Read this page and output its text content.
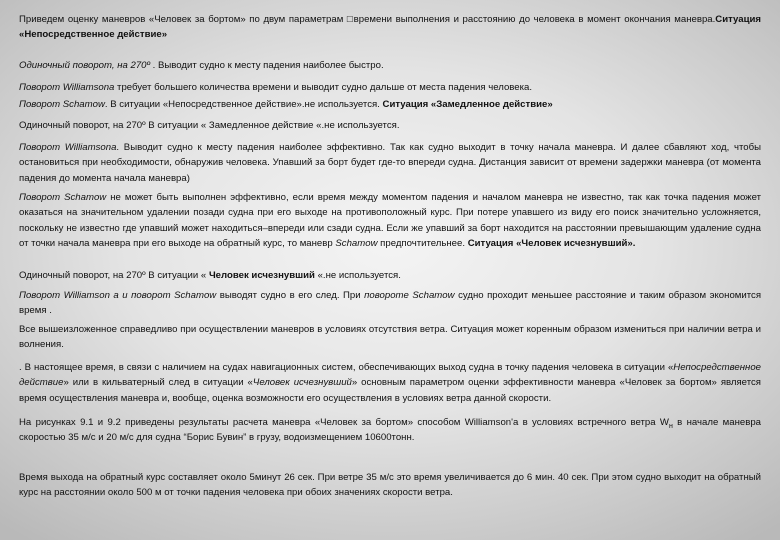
Приведем оценку маневров «Человек за бортом» по двум параметрам □времени выполнения и расстоянию до человека в момент окончания маневра.Ситуация «Непосредственное действие»

Одиночный поворот, на 270º . Выводит судно к месту падения наиболее быстро.

Поворот Williamsona требует большего количества времени и выводит судно дальше от места падения человека.

Поворот Schamow. В ситуации «Непосредственное действие».не используется. Ситуация «Замедленное действие»

Одиночный поворот, на 270º В ситуации « Замедленное действие «.не используется.

Поворот Williamsona. Выводит судно к месту падения наиболее эффективно. Так как судно выходит в точку начала маневра. И далее сбавляют ход, чтобы остановиться при необходимости, обнаружив человека. Упавший за борт будет где-то впереди судна. Дистанция зависит от времени задержки маневра (от момента падения до момента начала маневра)

Поворот Schamow не может быть выполнен эффективно, если время между моментом падения и началом маневра не известно, так как точка падения может оказаться на значительном удалении позади судна при его выходе на противоположный курс. При потере упавшего из виду его поиск значительно усложняется, поскольку не известно где упавший может находиться–впереди или сзади судна. Если же упавший за борт находится на расстоянии превышающим удаление судна от точки начала маневра при его выходе на обратный курс, то маневр Schamow предпочтительнее. Ситуация «Человек исчезнувший».

Одиночный поворот, на 270º В ситуации « Человек исчезнувший «.не используется.

Поворот Williamson а и поворот Schamow выводят судно в его след. При повороте Schamow судно проходит меньшее расстояние и таким образом экономится время .

Все вышеизложенное справедливо при осуществлении маневров в условиях отсутствия ветра. Ситуация может коренным образом измениться при наличии ветра и волнения.

. В настоящее время, в связи с наличием на судах навигационных систем, обеспечивающих выход судна в точку падения человека в ситуации «Непосредственное действие» или в кильватерный след в ситуации «Человек исчезнувший» основным параметром оценки эффективности маневра «Человек за бортом» является время осуществления маневра и, вообще, оценка возможности его осуществления в условиях ветра данной скорости.

На рисунках 9.1 и 9.2 приведены результаты расчета маневра «Человек за бортом» способом Williamson'а в условиях встречного ветра $W_н$ в начале маневра скоростью 35 м/с и 20 м/с для судна “Борис Бувин” в грузу, водоизмещением 10600тонн.

Время выхода на обратный курс составляет около 5минут 26 сек. При ветре 35 м/с это время увеличивается до 6 мин. 40 сек. При этом судно выходит на обратный курс на расстоянии около 500 м от точки падения человека при обоих значениях скорости ветра.
